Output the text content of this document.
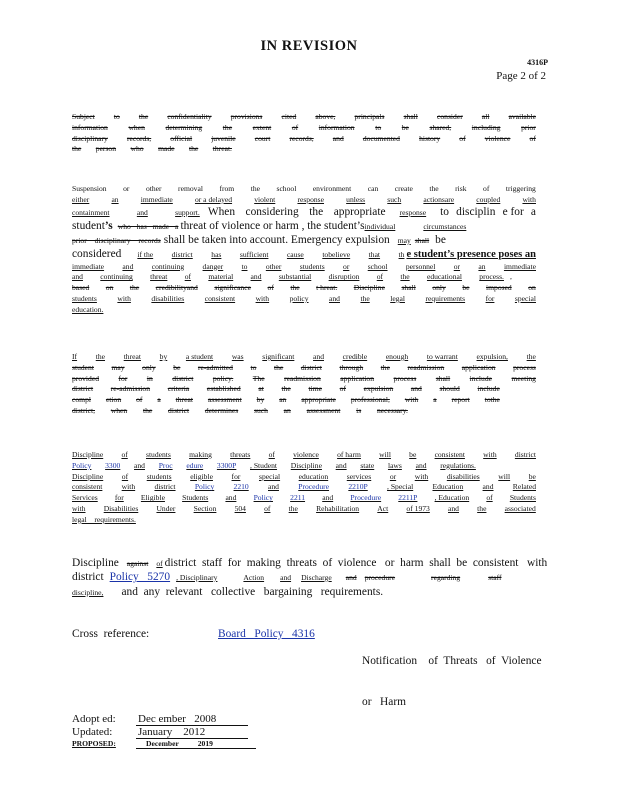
IN REVISION
4316P
Page 2 of 2
Subject	to	the	confidentiality	provisions	cited	above,	principals	shall	consider	all	available
information	when	determining	the	extent	of	information	to	be	shared,	including	prior
disciplinary	records,	official	juvenile	court	records,	and	documented	history	of	violence	of
the person who made the threat.
Suspension or other removal from the school environment can create the risk of triggering
either	an	immediate	or a delayed	violent	response	unless	such	actionsare	coupled	with
containment	and	support. When considering the appropriate response to disciplin e for a
student ’s who has made a threat of violence or harm , the student’s individual	circumstances
prior disciplinary records shall be taken into account. Emergency expulsion may shall be
considered if the district has sufficient cause tobelieve that th e student’s presence poses an
immediate and continuing danger to other students or school personnel or an immediate
and continuing threat of material and substantial disruption of the educational process. ,
based on the credibilityand significance of the t hreat. Discipline shall only be imposed on
students	with	disabilities	consistent	with	policy	and	the	legal	requirements	for	special
education.
If the threat by a student was significant and credible enough to warrant expulsion, the
student may only be re-admitted to the district through the readmission application process
provided	for	in	district	policy.	The	readmission	application	process	shall	include	meeting
district re-admission criteria established at the time of expulsion and should include
compl etion of a threat assessment by an appropriate professional, with a report tothe
district, when the district determines such an assessment is necessary.
Discipline of students making threats of violence of harm will be consistent with district
Policy 3300 and Proc edure 3300P , Student Discipline and state laws and regulations.
Discipline of students eligible for special education services or with disabilities will be
consistent	with	district	Policy	2210	and	Procedure	2210P	, Special	Education	and	Related
Services for Eligible Students and Policy 2211 and Procedure 2211P , Education of Students
with Disabilities Under Section 504 of the Rehabilitation Act of 1973 and the associated
legal    requirements.
Discipline against of district  staff  for  making  threats  of  violence   or  harm  shall  be  consistent   with
district Policy   5270 , Disciplinary	Action and Discharge and procedure	regarding	staff
discipline, and  any  relevant   collective   bargaining   requirements.
Cross  reference:	Board   Policy   4316

Notification    of  Threats   of  Violence

or   Harm

Adopt ed:	Dec ember   2008
Updated:	January    2012
PROPOSED:	December          2019
